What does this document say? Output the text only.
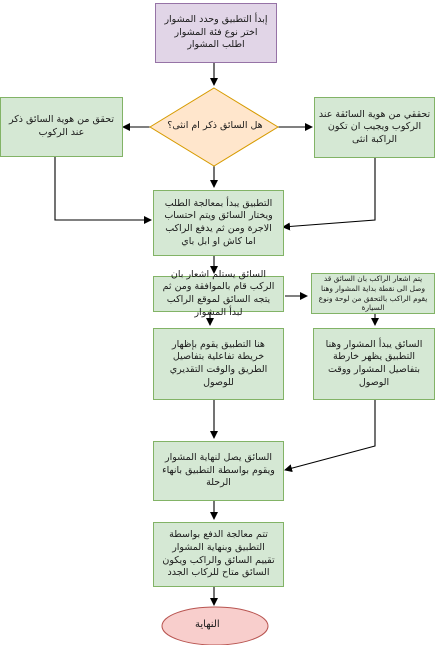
إبدأ التطبيق وحدد المشوار
اختر نوع فئة المشوار
اطلب المشوار
هل السائق ذكر ام انثى؟
تحقق من هوية السائق ذكر
عند الركوب
تحققي من هوية السائقة عند
الركوب ويجيب ان تكون
الراكبة انثى
التطبيق يبدأ بمعالجة الطلب
ويختار السائق ويتم احتساب
الاجرة ومن ثم يدفع الراكب
اما كاش او ابل باي
السائق يستلم اشعار بان
الركب قام بالموافقة ومن ثم
يتجه السائق لموقع الراكب
لبدأ المشوار
يتم اشعار الراكب بان السائق قد
وصل الى نقطة بداية المشوار وهنا
يقوم الراكب بالتحقق من لوحة ونوع
السيارة
هنا التطبيق يقوم بإظهار
خريطة تفاعلية بتفاصيل
الطريق والوقت التقديري
للوصول
السائق يبدأ المشوار وهنا
التطبيق يظهر خارطة
بتفاصيل المشوار ووقت
الوصول
السائق يصل لنهاية المشوار
ويقوم بواسطة التطبيق بانهاء
الرحلة
تتم معالجة الدفع بواسطة
التطبيق وبنهاية المشوار
تقييم السائق والراكب ويكون
السائق متاح للركاب الجدد
النهاية
